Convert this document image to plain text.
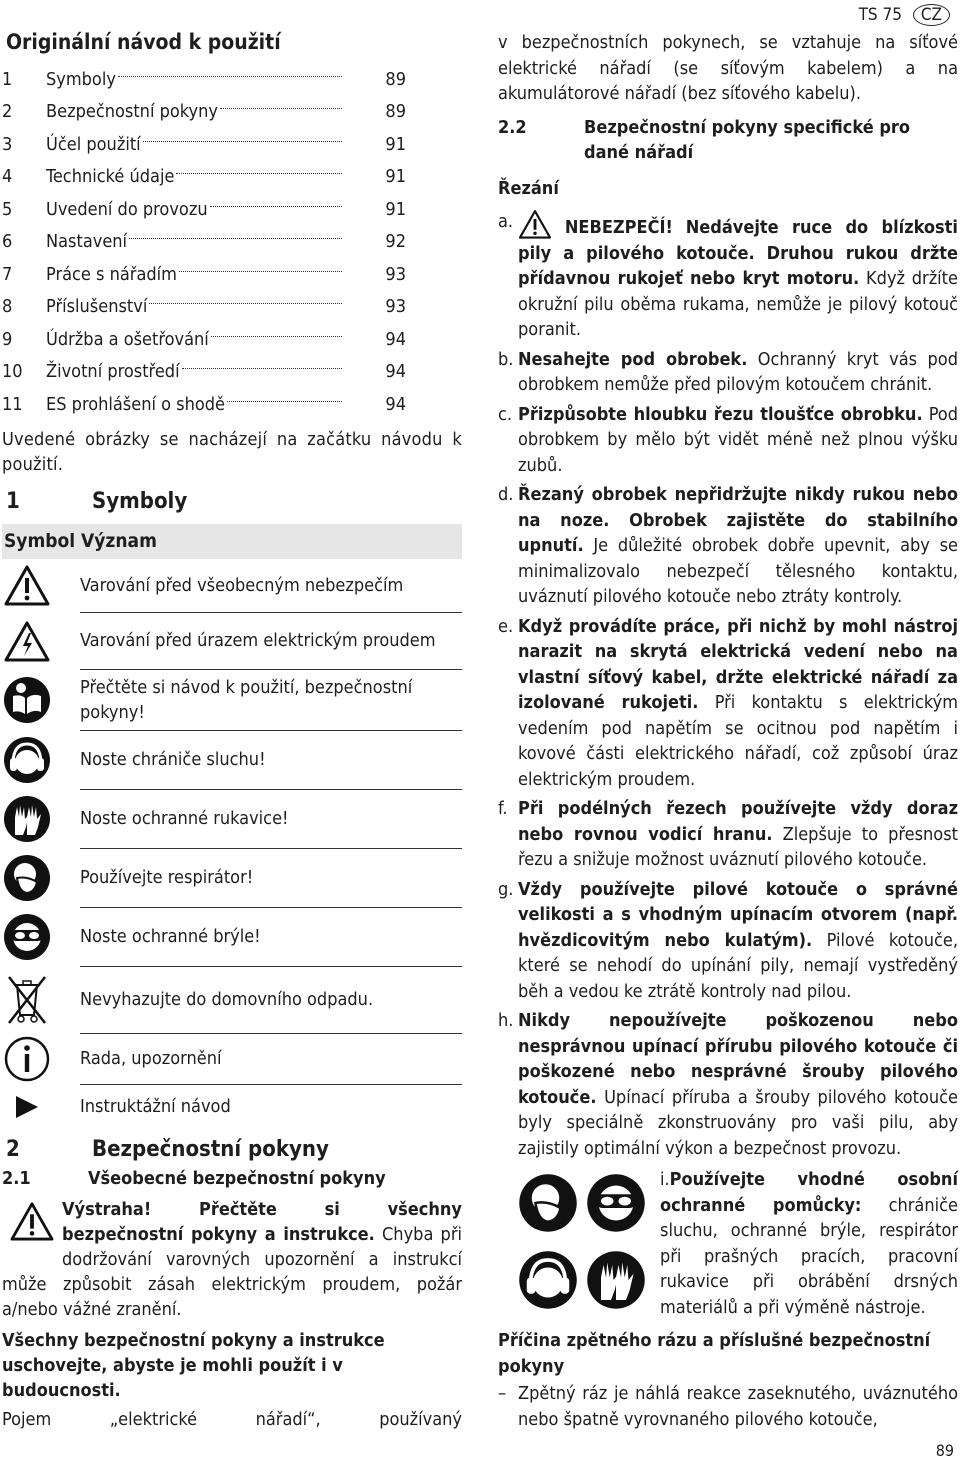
TS 75 CZ
Originální návod k použití
1	Symboly	89
2	Bezpečnostní pokyny	89
3	Účel použití	91
4	Technické údaje	91
5	Uvedení do provozu	91
6	Nastavení	92
7	Práce s nářadím	93
8	Příslušenství	93
9	Údržba a ošetřování	94
10	Životní prostředí	94
11	ES prohlášení o shodě	94
Uvedené obrázky se nacházejí na začátku návodu k použití.
1	Symboly
Symbol Význam
Varování před všeobecným nebezpečím
Varování před úrazem elektrickým proudem
Přečtěte si návod k použití, bezpečnostní pokyny!
Noste chrániče sluchu!
Noste ochranné rukavice!
Používejte respirátor!
Noste ochranné brýle!
Nevyhazujte do domovního odpadu.
Rada, upozornění
Instruktážní návod
2	Bezpečnostní pokyny
2.1	Všeobecné bezpečnostní pokyny
Výstraha! Přečtěte si všechny bezpečnostní pokyny a instrukce. Chyba při dodržování varovných upozornění a instrukcí může způsobit zásah elektrickým proudem, požár a/nebo vážné zranění.
Všechny bezpečnostní pokyny a instrukce uschovejte, abyste je mohli použít i v budoucnosti.
Pojem „elektrické nářadí“, používaný
v bezpečnostních pokynech, se vztahuje na síťové elektrické nářadí (se síťovým kabelem) a na akumulátorové nářadí (bez síťového kabelu).
2.2	Bezpečnostní pokyny specifické pro dané nářadí
Řezání
a.	NEBEZPEČÍ! Nedávejte ruce do blízkosti pily a pilového kotouče. Druhou rukou držte přídavnou rukojeť nebo kryt motoru. Když držíte okružní pilu oběma rukama, nemůže je pilový kotouč poranit.
b. Nesahejte pod obrobek. Ochranný kryt vás pod obrobkem nemůže před pilovým kotoučem chránit.
c. Přizpůsobte hloubku řezu tloušťce obrobku. Pod obrobkem by mělo být vidět méně než plnou výšku zubů.
d. Řezaný obrobek nepřidržujte nikdy rukou nebo na noze. Obrobek zajistěte do stabilního upnutí. Je důležité obrobek dobře upevnit, aby se minimalizovalo nebezpečí tělesného kontaktu, uváznutí pilového kotouče nebo ztráty kontroly.
e. Když provádíte práce, při nichž by mohl nástroj narazit na skrytá elektrická vedení nebo na vlastní síťový kabel, držte elektrické nářadí za izolované rukojeti. Při kontaktu s elektrickým vedením pod napětím se ocitnou pod napětím i kovové části elektrického nářadí, což způsobí úraz elektrickým proudem.
f. Při podélných řezech používejte vždy doraz nebo rovnou vodicí hranu. Zlepšuje to přesnost řezu a snižuje možnost uváznutí pilového kotouče.
g. Vždy používejte pilové kotouče o správné velikosti a s vhodným upínacím otvorem (např. hvězdicovitým nebo kulatým). Pilové kotouče, které se nehodí do upínání pily, nemají vystředěný běh a vedou ke ztrátě kontroly nad pilou.
h. Nikdy nepoužívejte poškozenou nebo nesprávnou upínací přírubu pilového kotouče či poškozené nebo nesprávné šrouby pilového kotouče. Upínací příruba a šrouby pilového kotouče byly speciálně zkonstruovány pro vaši pilu, aby zajistily optimální výkon a bezpečnost provozu.
i.Používejte vhodné osobní ochranné pomůcky: chrániče sluchu, ochranné brýle, respirátor při prašných pracích, pracovní rukavice při obrábění drsných materiálů a při výměně nástroje.
Příčina zpětného rázu a příslušné bezpečnostní pokyny
– Zpětný ráz je náhlá reakce zaseknutého, uváznutého nebo špatně vyrovnaného pilového kotouče,
89
